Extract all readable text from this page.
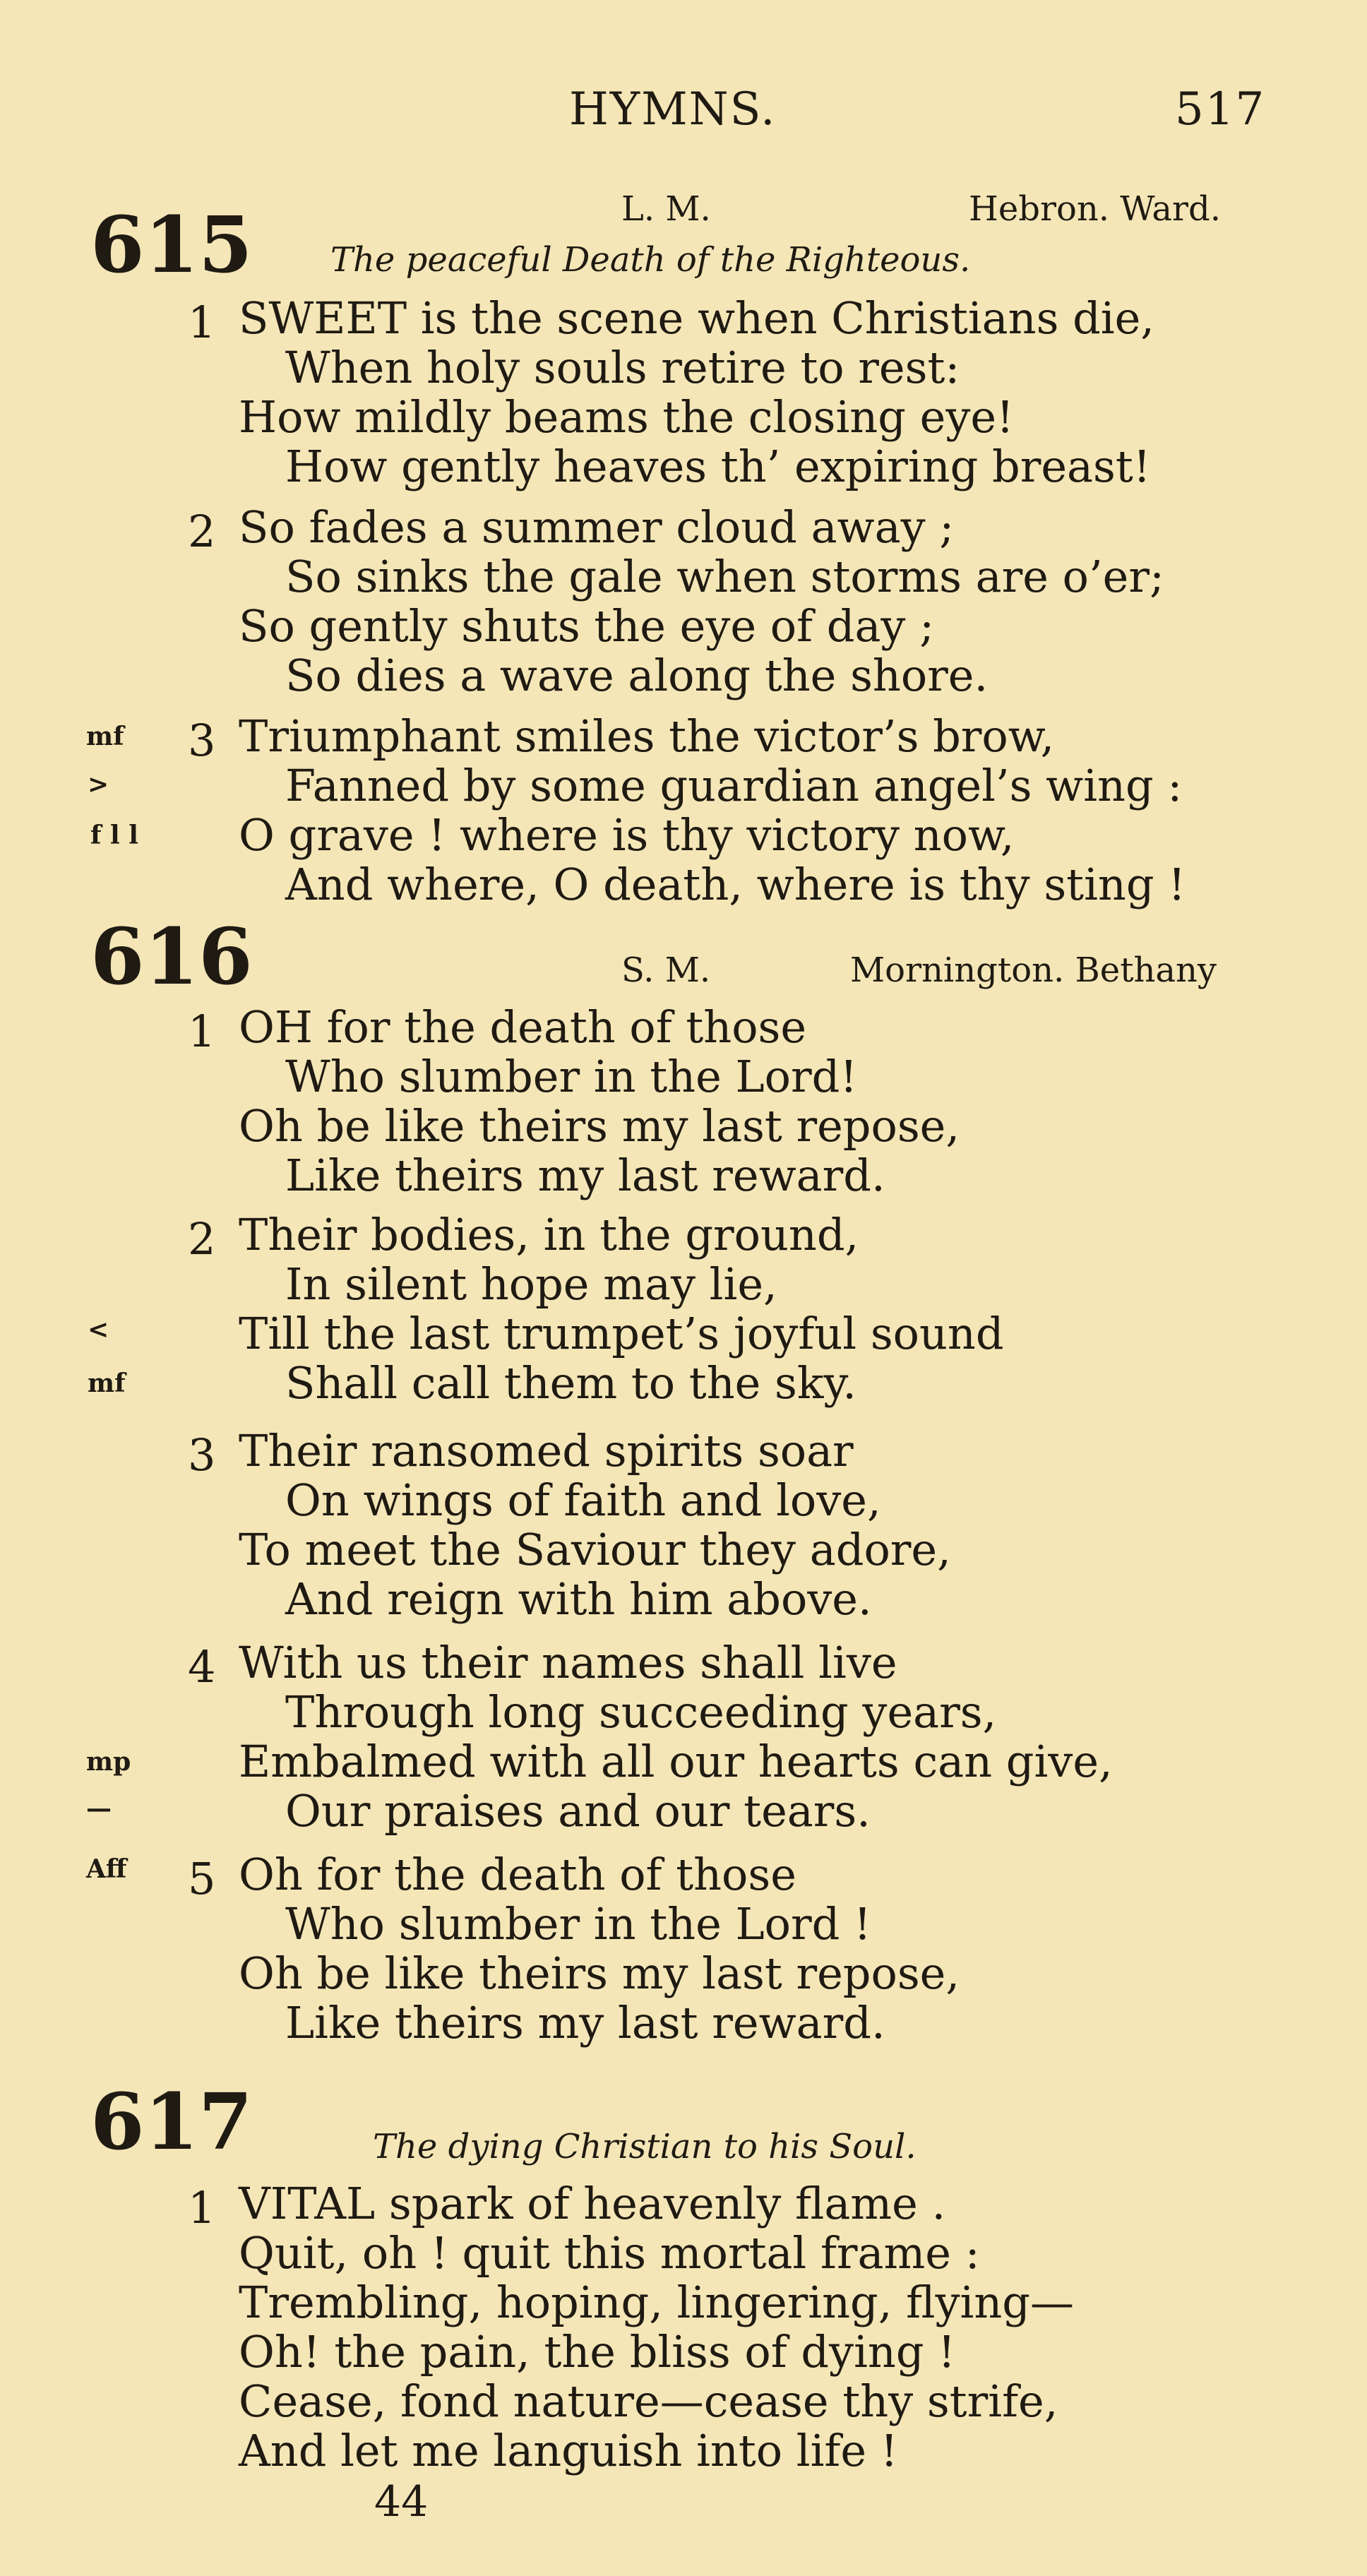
HYMNS.	517
615	L. M.	Hebron. Ward.
The peaceful Death of the Righteous.
1 SWEET is the scene when Christians die,
When holy souls retire to rest:
How mildly beams the closing eye!
How gently heaves th’ expiring breast!
2 So fades a summer cloud away ;
So sinks the gale when storms are o’er;
So gently shuts the eye of day ;
So dies a wave along the shore.
mf 3 Triumphant smiles the victor’s brow,
>	Fanned by some guardian angel’s wing :
f l l O grave ! where is thy victory now,
And where, O death, where is thy sting !
616	S. M.	Mornington. Bethany
1 OH for the death of those
Who slumber in the Lord!
Oh be like theirs my last repose,
Like theirs my last reward.
2 Their bodies, in the ground,
In silent hope may lie,
<	Till the last trumpet’s joyful sound
mf	Shall call them to the sky.
3 Their ransomed spirits soar
On wings of faith and love,
To meet the Saviour they adore,
And reign with him above.
4 With us their names shall live
Through long succeeding years,
mp Embalmed with all our hearts can give,
—	Our praises and our tears.
Aff 5 Oh for the death of those
Who slumber in the Lord !
Oh be like theirs my last repose,
Like theirs my last reward.
617	The dying Christian to his Soul.
1 VITAL spark of heavenly flame .
Quit, oh ! quit this mortal frame :
Trembling, hoping, lingering, flying—
Oh! the pain, the bliss of dying !
Cease, fond nature—cease thy strife,
And let me languish into life !
44
